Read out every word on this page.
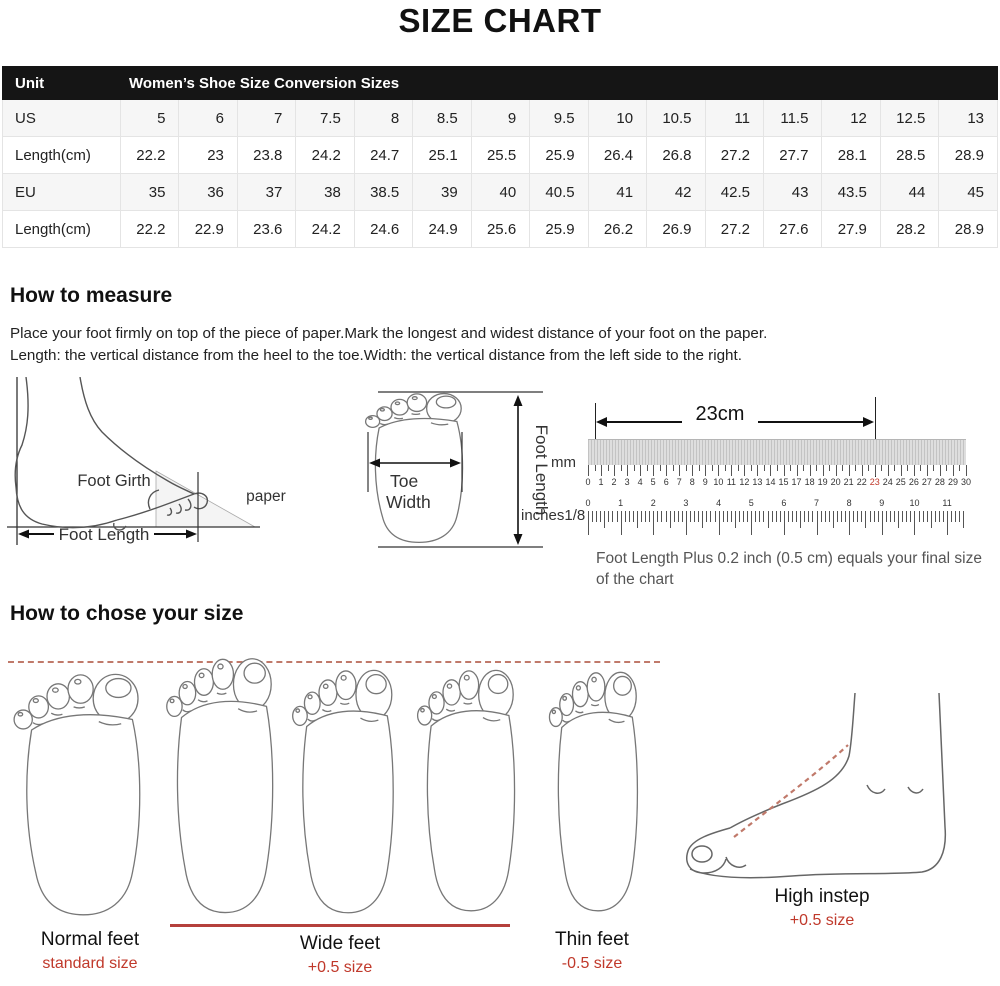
SIZE CHART
Unit	Women’s Shoe Size Conversion Sizes														
US	5	6	7	7.5	8	8.5	9	9.5	10	10.5	11	11.5	12	12.5	13
Length(cm)	22.2	23	23.8	24.2	24.7	25.1	25.5	25.9	26.4	26.8	27.2	27.7	28.1	28.5	28.9
EU	35	36	37	38	38.5	39	40	40.5	41	42	42.5	43	43.5	44	45
Length(cm)	22.2	22.9	23.6	24.2	24.6	24.9	25.6	25.9	26.2	26.9	27.2	27.6	27.9	28.2	28.9
How to measure

Place your foot firmly on top of the piece of paper.Mark the longest and widest distance of your foot on the paper.
Length: the vertical distance from the heel to the toe.Width: the vertical distance from the left side to the right.

Foot Length
Foot Girth
paper
Toe
Width	Foot Length mm
inches1/8
23cm
0 1 2 3 4 5 6 7 8 9 10 11 12 13 14 15 17 18 19 20 21 22 23 24 25 26 27 28 29 30
0	1	2	3	4	5	6	7	8	9	10	11
Foot Length Plus 0.2 inch (0.5 cm) equals your final size of the chart
How to chose your size
Normal feet
standard size
Wide feet
+0.5 size
Thin feet
-0.5 size
High instep
+0.5 size
